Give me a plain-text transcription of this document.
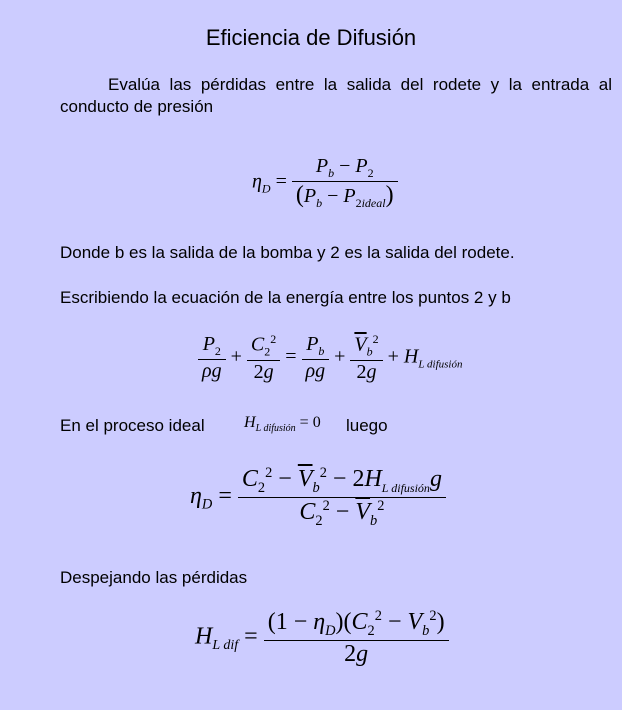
Eficiencia de Difusión
Evalúa las pérdidas entre la salida del rodete y la entrada al conducto de presión
$\eta_D = \frac{P_b - P_2}{(P_b - P_{2ideal})}$
Donde b es la salida de la bomba y 2 es la salida del rodete.
Escribiendo la ecuación de la energía entre los puntos 2 y b
$\frac{P_2}{\rho g} + \frac{C_2^2}{2g} = \frac{P_b}{\rho g} + \frac{\overline{V}_b^2}{2g} + H_{L difusión}$
En el proceso ideal $H_{L difusión} = 0$ luego
$\eta_D = \frac{C_2^2 - \overline{V}_b^2 - 2H_{L difusión}g}{C_2^2 - \overline{V}_b^2}$
Despejando las pérdidas
$H_{L dif} = \frac{(1 - \eta_D)(C_2^2 - V_b^2)}{2g}$
